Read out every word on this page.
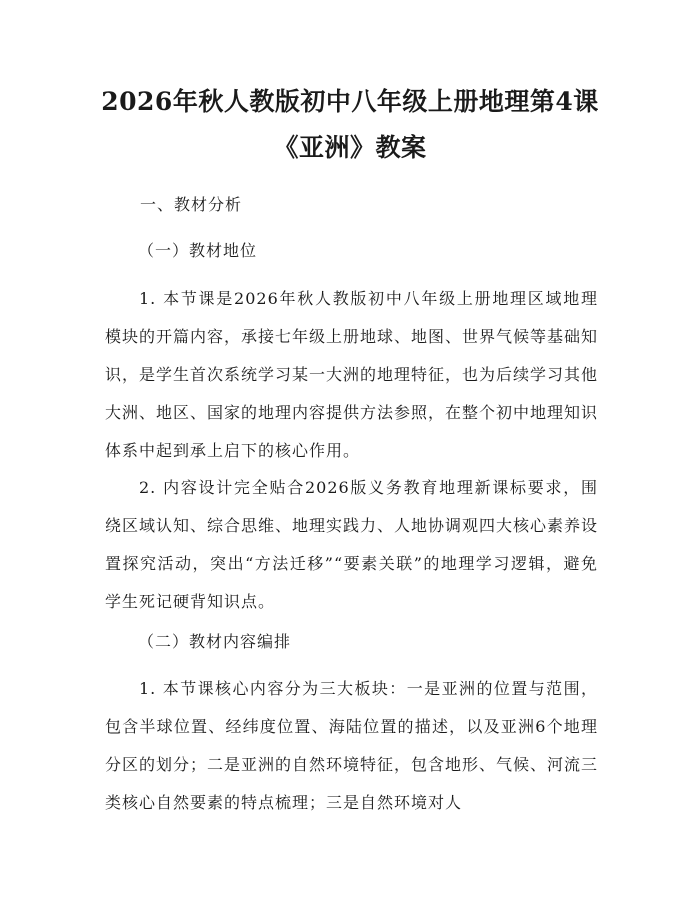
2026年秋人教版初中八年级上册地理第4课
《亚洲》教案
一、教材分析
（一）教材地位
1. 本节课是2026年秋人教版初中八年级上册地理区域地理模块的开篇内容，承接七年级上册地球、地图、世界气候等基础知识，是学生首次系统学习某一大洲的地理特征，也为后续学习其他大洲、地区、国家的地理内容提供方法参照，在整个初中地理知识体系中起到承上启下的核心作用。
2. 内容设计完全贴合2026版义务教育地理新课标要求，围绕区域认知、综合思维、地理实践力、人地协调观四大核心素养设置探究活动，突出“方法迁移”“要素关联”的地理学习逻辑，避免学生死记硬背知识点。
（二）教材内容编排
1. 本节课核心内容分为三大板块：一是亚洲的位置与范围，包含半球位置、经纬度位置、海陆位置的描述，以及亚洲6个地理分区的划分；二是亚洲的自然环境特征，包含地形、气候、河流三类核心自然要素的特点梳理；三是自然环境对人
